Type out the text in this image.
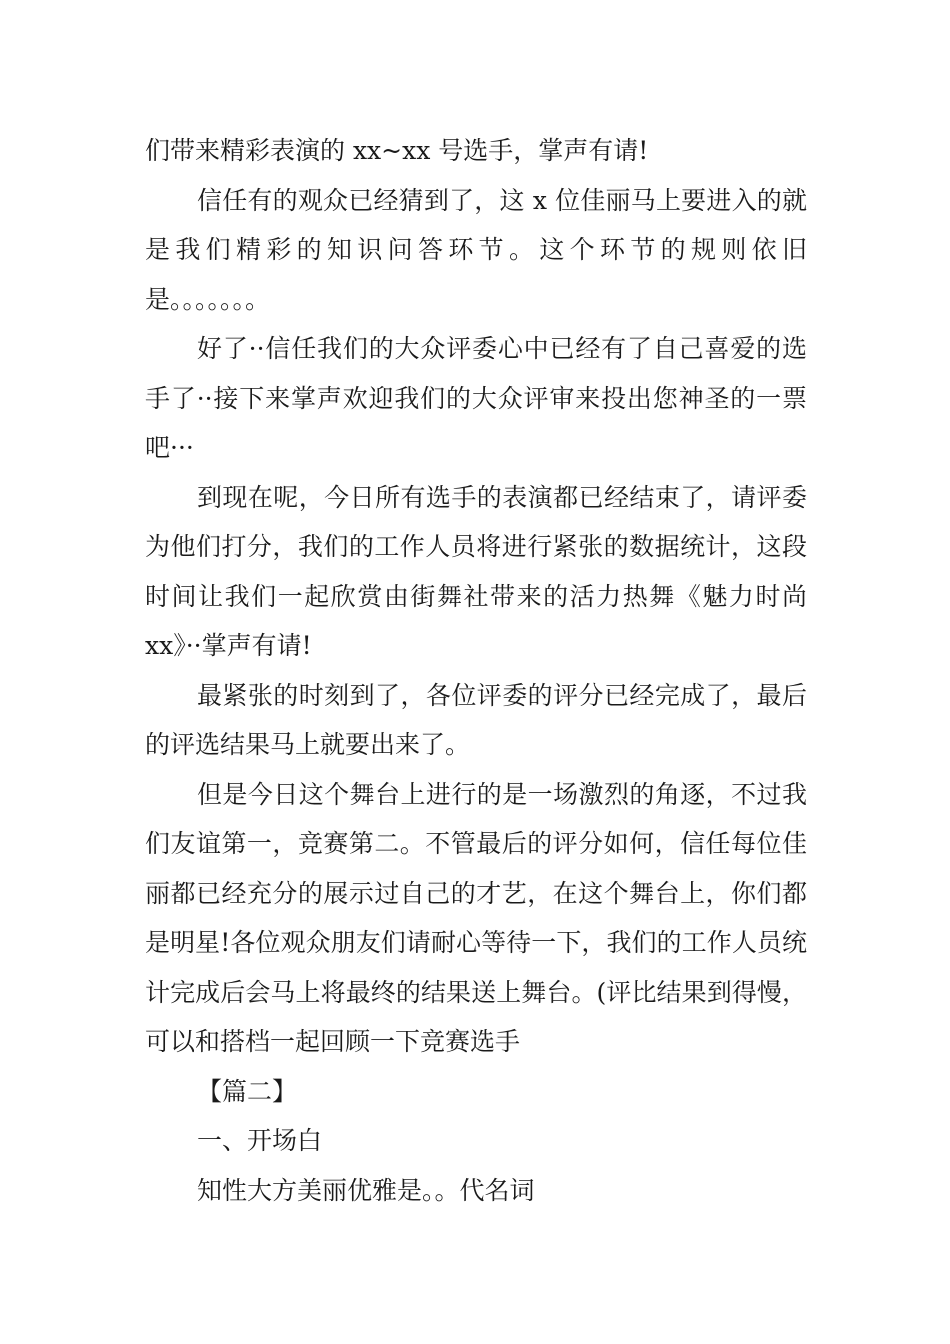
们带来精彩表演的 xx~xx 号选手，掌声有请!

信任有的观众已经猜到了，这 x 位佳丽马上要进入的就是我们精彩的知识问答环节。这个环节的规则依旧是。。。。。。。

好了··信任我们的大众评委心中已经有了自己喜爱的选手了··接下来掌声欢迎我们的大众评审来投出您神圣的一票吧···

到现在呢，今日所有选手的表演都已经结束了，请评委为他们打分，我们的工作人员将进行紧张的数据统计，这段时间让我们一起欣赏由街舞社带来的活力热舞《魅力时尚 xx》··掌声有请!

最紧张的时刻到了，各位评委的评分已经完成了，最后的评选结果马上就要出来了。

但是今日这个舞台上进行的是一场激烈的角逐，不过我们友谊第一，竞赛第二。不管最后的评分如何，信任每位佳丽都已经充分的展示过自己的才艺，在这个舞台上，你们都是明星!各位观众朋友们请耐心等待一下，我们的工作人员统计完成后会马上将最终的结果送上舞台。(评比结果到得慢，可以和搭档一起回顾一下竞赛选手

【篇二】

一、开场白

知性大方美丽优雅是。。代名词
